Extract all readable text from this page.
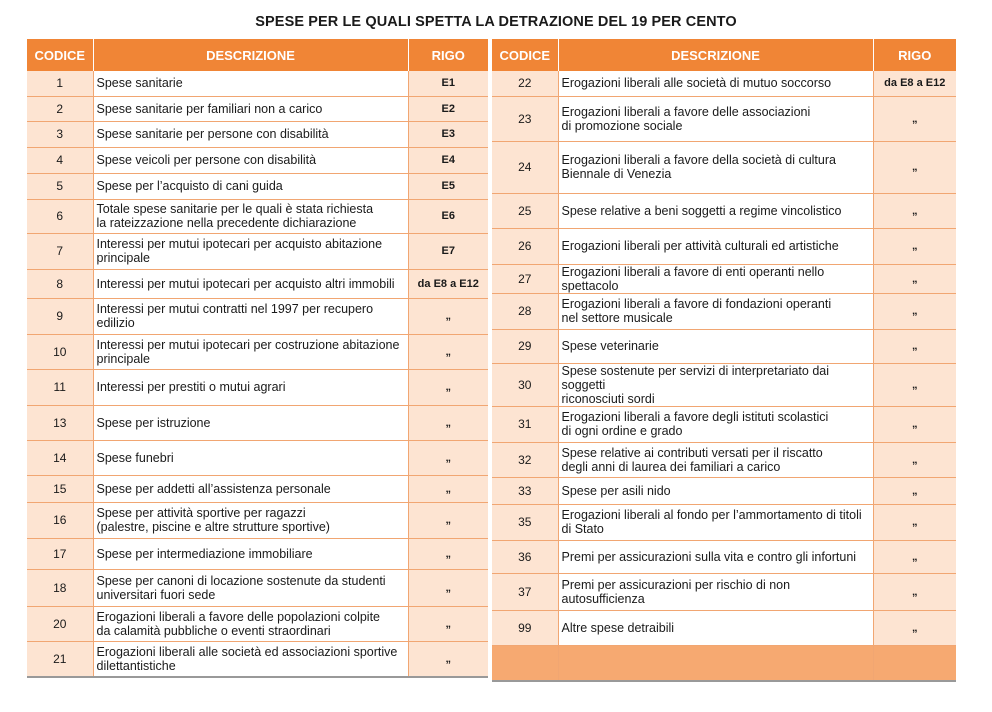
SPESE PER LE QUALI SPETTA LA DETRAZIONE DEL 19 PER CENTO
CODICE	DESCRIZIONE	RIGO
1	Spese sanitarie	E1
2	Spese sanitarie per familiari non a carico	E2
3	Spese sanitarie per persone con disabilità	E3
4	Spese veicoli per persone con disabilità	E4
5	Spese per l’acquisto di cani guida	E5
6	Totale spese sanitarie per le quali è stata richiesta
la rateizzazione nella precedente dichiarazione	E6
7	Interessi per mutui ipotecari per acquisto abitazione
principale	E7
8	Interessi per mutui ipotecari per acquisto altri immobili	da E8 a E12
9	Interessi per mutui contratti nel 1997 per recupero edilizio	„
10	Interessi per mutui ipotecari per costruzione abitazione
principale	„
11	Interessi per prestiti o mutui agrari	„
13	Spese per istruzione	„
14	Spese funebri	„
15	Spese per addetti all’assistenza personale	„
16	Spese per attività sportive per ragazzi
(palestre, piscine e altre strutture sportive)	„
17	Spese per intermediazione immobiliare	„
18	Spese per canoni di locazione sostenute da studenti
universitari fuori sede	„
20	Erogazioni liberali a favore delle popolazioni colpite
da calamità pubbliche o eventi straordinari	„
21	Erogazioni liberali alle società ed associazioni sportive
dilettantistiche	„
CODICE	DESCRIZIONE	RIGO
22	Erogazioni liberali alle società di mutuo soccorso	da E8 a E12
23	Erogazioni liberali a favore delle associazioni
di promozione sociale	„
24	Erogazioni liberali a favore della società di cultura
Biennale di Venezia	„
25	Spese relative a beni soggetti a regime vincolistico	„
26	Erogazioni liberali per attività culturali ed artistiche	„
27	Erogazioni liberali a favore di enti operanti nello spettacolo	„
28	Erogazioni liberali a favore di fondazioni operanti
nel settore musicale	„
29	Spese veterinarie	„
30	Spese sostenute per servizi di interpretariato dai soggetti
riconosciuti sordi	„
31	Erogazioni liberali a favore degli istituti scolastici
di ogni ordine e grado	„
32	Spese relative ai contributi versati per il riscatto
degli anni di laurea dei familiari a carico	„
33	Spese per asili nido	„
35	Erogazioni liberali al fondo per l’ammortamento di titoli
di Stato	„
36	Premi per assicurazioni sulla vita e contro gli infortuni	„
37	Premi per assicurazioni per rischio di non
autosufficienza	„
99	Altre spese detraibili	„
